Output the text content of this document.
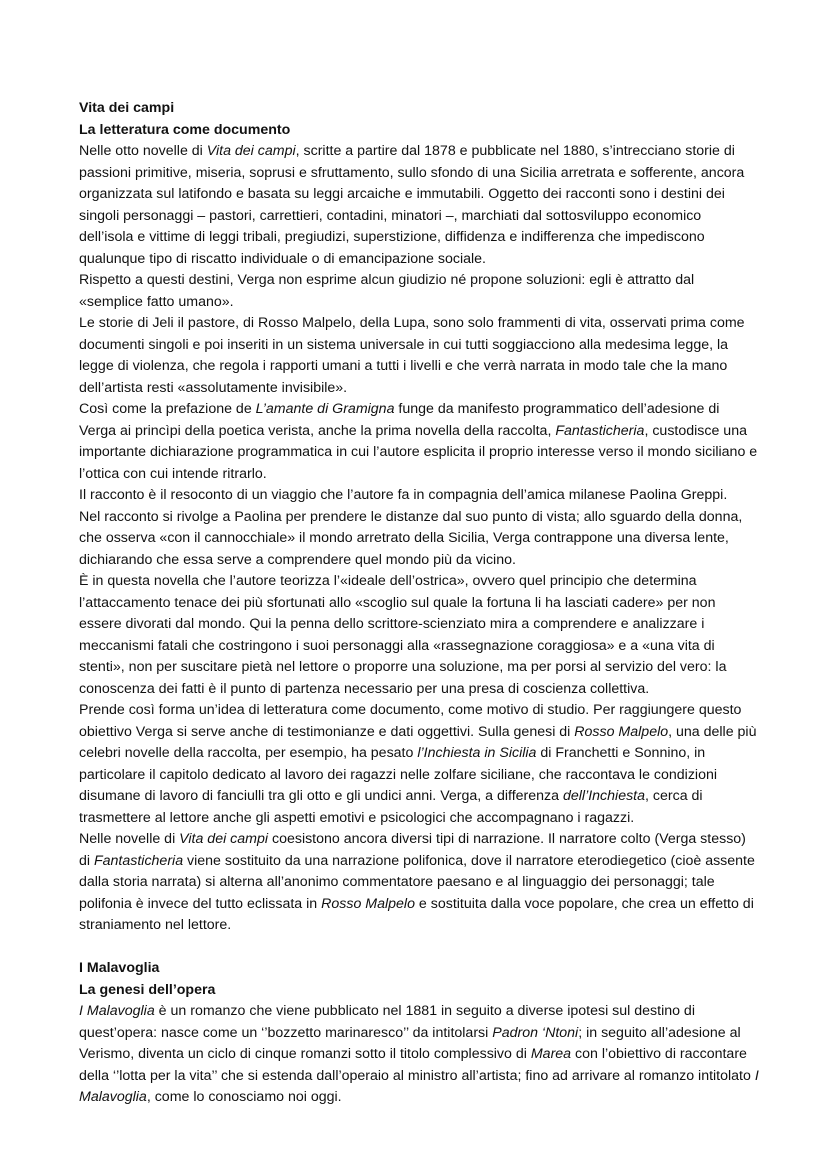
Vita dei campi

La letteratura come documento

Nelle otto novelle di Vita dei campi, scritte a partire dal 1878 e pubblicate nel 1880, s’intrecciano storie di passioni primitive, miseria, soprusi e sfruttamento, sullo sfondo di una Sicilia arretrata e sofferente, ancora organizzata sul latifondo e basata su leggi arcaiche e immutabili. Oggetto dei racconti sono i destini dei singoli personaggi – pastori, carrettieri, contadini, minatori –, marchiati dal sottosviluppo economico dell’isola e vittime di leggi tribali, pregiudizi, superstizione, diffidenza e indifferenza che impediscono qualunque tipo di riscatto individuale o di emancipazione sociale.

Rispetto a questi destini, Verga non esprime alcun giudizio né propone soluzioni: egli è attratto dal «semplice fatto umano».

Le storie di Jeli il pastore, di Rosso Malpelo, della Lupa, sono solo frammenti di vita, osservati prima come documenti singoli e poi inseriti in un sistema universale in cui tutti soggiacciono alla medesima legge, la legge di violenza, che regola i rapporti umani a tutti i livelli e che verrà narrata in modo tale che la mano dell’artista resti «assolutamente invisibile».

Così come la prefazione de L’amante di Gramigna funge da manifesto programmatico dell’adesione di Verga ai princìpi della poetica verista, anche la prima novella della raccolta, Fantasticheria, custodisce una importante dichiarazione programmatica in cui l’autore esplicita il proprio interesse verso il mondo siciliano e l’ottica con cui intende ritrarlo.

Il racconto è il resoconto di un viaggio che l’autore fa in compagnia dell’amica milanese Paolina Greppi.

Nel racconto si rivolge a Paolina per prendere le distanze dal suo punto di vista; allo sguardo della donna, che osserva «con il cannocchiale» il mondo arretrato della Sicilia, Verga contrappone una diversa lente, dichiarando che essa serve a comprendere quel mondo più da vicino.

È in questa novella che l’autore teorizza l’«ideale dell’ostrica», ovvero quel principio che determina l’attaccamento tenace dei più sfortunati allo «scoglio sul quale la fortuna li ha lasciati cadere» per non essere divorati dal mondo. Qui la penna dello scrittore-scienziato mira a comprendere e analizzare i meccanismi fatali che costringono i suoi personaggi alla «rassegnazione coraggiosa» e a «una vita di stenti», non per suscitare pietà nel lettore o proporre una soluzione, ma per porsi al servizio del vero: la conoscenza dei fatti è il punto di partenza necessario per una presa di coscienza collettiva.

Prende così forma un’idea di letteratura come documento, come motivo di studio. Per raggiungere questo obiettivo Verga si serve anche di testimonianze e dati oggettivi. Sulla genesi di Rosso Malpelo, una delle più celebri novelle della raccolta, per esempio, ha pesato l’Inchiesta in Sicilia di Franchetti e Sonnino, in particolare il capitolo dedicato al lavoro dei ragazzi nelle zolfare siciliane, che raccontava le condizioni disumane di lavoro di fanciulli tra gli otto e gli undici anni. Verga, a differenza dell’Inchiesta, cerca di trasmettere al lettore anche gli aspetti emotivi e psicologici che accompagnano i ragazzi.

Nelle novelle di Vita dei campi coesistono ancora diversi tipi di narrazione. Il narratore colto (Verga stesso) di Fantasticheria viene sostituito da una narrazione polifonica, dove il narratore eterodiegetico (cioè assente dalla storia narrata) si alterna all’anonimo commentatore paesano e al linguaggio dei personaggi; tale polifonia è invece del tutto eclissata in Rosso Malpelo e sostituita dalla voce popolare, che crea un effetto di straniamento nel lettore.

I Malavoglia

La genesi dell’opera

I Malavoglia è un romanzo che viene pubblicato nel 1881 in seguito a diverse ipotesi sul destino di quest’opera: nasce come un ‘’bozzetto marinaresco’’ da intitolarsi Padron ‘Ntoni; in seguito all’adesione al Verismo, diventa un ciclo di cinque romanzi sotto il titolo complessivo di Marea con l’obiettivo di raccontare della ‘’lotta per la vita’’ che si estenda dall’operaio al ministro all’artista; fino ad arrivare al romanzo intitolato I Malavoglia, come lo conosciamo noi oggi.
